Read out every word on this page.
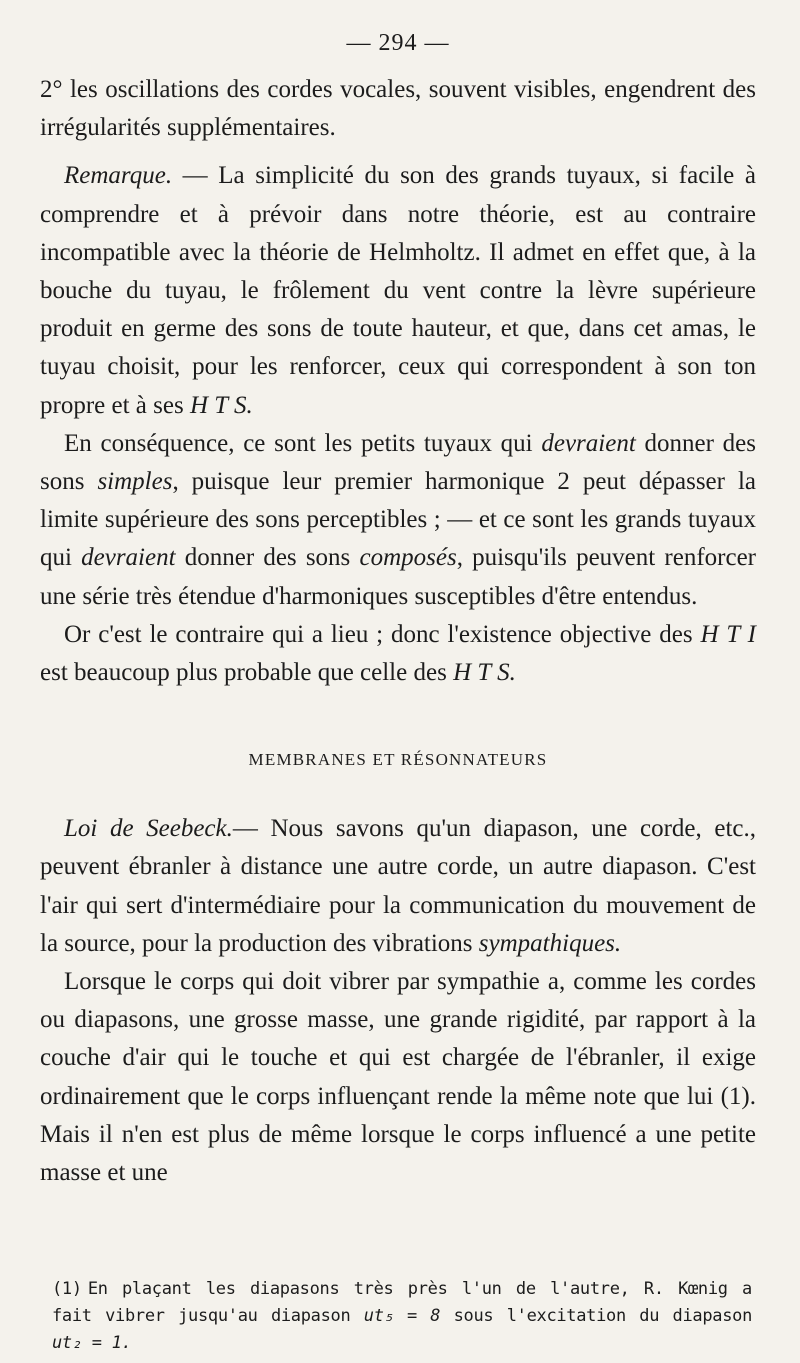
— 294 —

2° les oscillations des cordes vocales, souvent visibles, engendrent des irrégularités supplémentaires.

Remarque. — La simplicité du son des grands tuyaux, si facile à comprendre et à prévoir dans notre théorie, est au contraire incompatible avec la théorie de Helmholtz. Il admet en effet que, à la bouche du tuyau, le frôlement du vent contre la lèvre supérieure produit en germe des sons de toute hauteur, et que, dans cet amas, le tuyau choisit, pour les renforcer, ceux qui correspondent à son ton propre et à ses H T S.

En conséquence, ce sont les petits tuyaux qui devraient donner des sons simples, puisque leur premier harmonique 2 peut dépasser la limite supérieure des sons perceptibles ; — et ce sont les grands tuyaux qui devraient donner des sons composés, puisqu'ils peuvent renforcer une série très étendue d'harmoniques susceptibles d'être entendus.

Or c'est le contraire qui a lieu ; donc l'existence objective des H T I est beaucoup plus probable que celle des H T S.

MEMBRANES ET RÉSONNATEURS

Loi de Seebeck.— Nous savons qu'un diapason, une corde, etc., peuvent ébranler à distance une autre corde, un autre diapason. C'est l'air qui sert d'intermédiaire pour la communication du mouvement de la source, pour la production des vibrations sympathiques.

Lorsque le corps qui doit vibrer par sympathie a, comme les cordes ou diapasons, une grosse masse, une grande rigidité, par rapport à la couche d'air qui le touche et qui est chargée de l'ébranler, il exige ordinairement que le corps influençant rende la même note que lui (1). Mais il n'en est plus de même lorsque le corps influencé a une petite masse et une

(1) En plaçant les diapasons très près l'un de l'autre, R. Kœnig a fait vibrer jusqu'au diapason ut₅ = 8 sous l'excitation du diapason ut₂ = 1.
